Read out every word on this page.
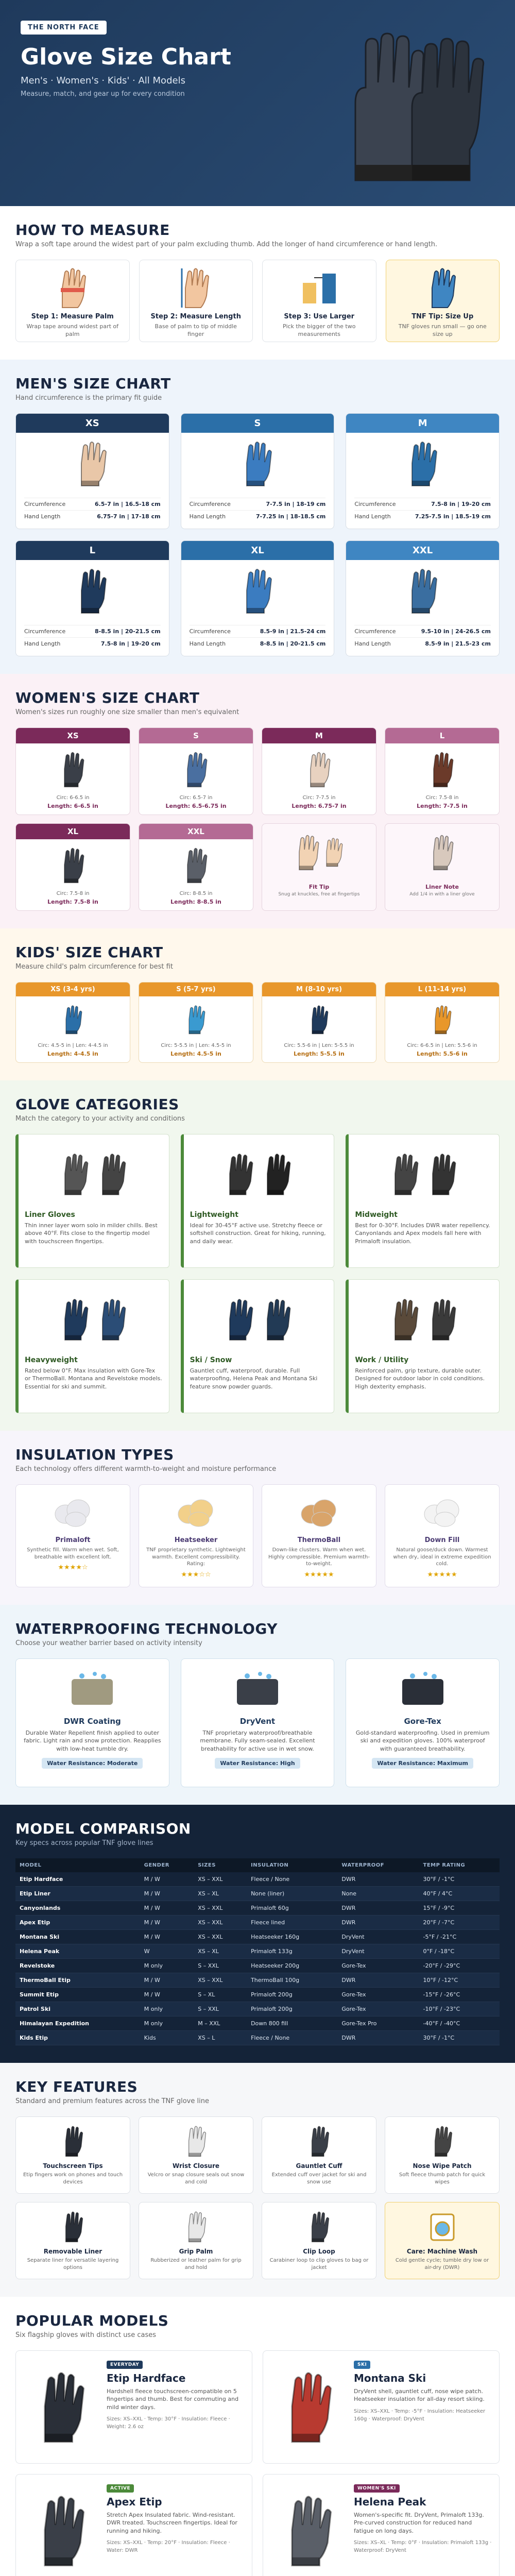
THE NORTH FACE
Glove Size Chart
Men's · Women's · Kids' · All Models
Measure, match, and gear up for every condition
HOW TO MEASURE
Wrap a soft tape around the widest part of your palm excluding thumb. Add the longer of hand circumference or hand length.
Step 1: Measure Palm
Wrap tape around widest part of palm
Step 2: Measure Length
Base of palm to tip of middle finger
Step 3: Use Larger
Pick the bigger of the two measurements
TNF Tip: Size Up
TNF gloves run small — go one size up
MEN'S SIZE CHART
Hand circumference is the primary fit guide
XS
Circumference	6.5-7 in | 16.5-18 cm
Hand Length	6.75-7 in | 17-18 cm
S
Circumference	7-7.5 in | 18-19 cm
Hand Length	7-7.25 in | 18-18.5 cm
M
Circumference	7.5-8 in | 19-20 cm
Hand Length	7.25-7.5 in | 18.5-19 cm
L
Circumference	8-8.5 in | 20-21.5 cm
Hand Length	7.5-8 in | 19-20 cm
XL
Circumference	8.5-9 in | 21.5-24 cm
Hand Length	8-8.5 in | 20-21.5 cm
XXL
Circumference	9.5-10 in | 24-26.5 cm
Hand Length	8.5-9 in | 21.5-23 cm
WOMEN'S SIZE CHART
Women's sizes run roughly one size smaller than men's equivalent
XS
Circ: 6-6.5 in
Length: 6-6.5 in
S
Circ: 6.5-7 in
Length: 6.5-6.75 in
M
Circ: 7-7.5 in
Length: 6.75-7 in
L
Circ: 7.5-8 in
Length: 7-7.5 in
XL
Circ: 7.5-8 in
Length: 7.5-8 in
XXL
Circ: 8-8.5 in
Length: 8-8.5 in
Fit Tip
Snug at knuckles, free at fingertips
Liner Note
Add 1/4 in with a liner glove
KIDS' SIZE CHART
Measure child's palm circumference for best fit
XS (3-4 yrs)
Circ: 4.5-5 in | Len: 4-4.5 in
Length: 4-4.5 in
S (5-7 yrs)
Circ: 5-5.5 in | Len: 4.5-5 in
Length: 4.5-5 in
M (8-10 yrs)
Circ: 5.5-6 in | Len: 5-5.5 in
Length: 5-5.5 in
L (11-14 yrs)
Circ: 6-6.5 in | Len: 5.5-6 in
Length: 5.5-6 in
GLOVE CATEGORIES
Match the category to your activity and conditions
Liner Gloves
Thin inner layer worn solo in milder chills. Best above 40°F. Fits close to the fingertip model with touchscreen fingertips.
Lightweight
Ideal for 30-45°F active use. Stretchy fleece or softshell construction. Great for hiking, running, and daily wear.
Midweight
Best for 0-30°F. Includes DWR water repellency. Canyonlands and Apex models fall here with Primaloft insulation.
Heavyweight
Rated below 0°F. Max insulation with Gore-Tex or ThermoBall. Montana and Revelstoke models. Essential for ski and summit.
Ski / Snow
Gauntlet cuff, waterproof, durable. Full waterproofing, Helena Peak and Montana Ski feature snow powder guards.
Work / Utility
Reinforced palm, grip texture, durable outer. Designed for outdoor labor in cold conditions. High dexterity emphasis.
INSULATION TYPES
Each technology offers different warmth-to-weight and moisture performance
Primaloft
Synthetic fill. Warm when wet. Soft, breathable with excellent loft.
★★★★☆
Heatseeker
TNF proprietary synthetic. Lightweight warmth. Excellent compressibility. Rating:
★★★☆☆
ThermoBall
Down-like clusters. Warm when wet. Highly compressible. Premium warmth-to-weight.
★★★★★
Down Fill
Natural goose/duck down. Warmest when dry, ideal in extreme expedition cold.
★★★★★
WATERPROOFING TECHNOLOGY
Choose your weather barrier based on activity intensity
DWR Coating
Durable Water Repellent finish applied to outer fabric. Light rain and snow protection. Reapplies with low-heat tumble dry.
Water Resistance: Moderate
DryVent
TNF proprietary waterproof/breathable membrane. Fully seam-sealed. Excellent breathability for active use in wet snow.
Water Resistance: High
Gore-Tex
Gold-standard waterproofing. Used in premium ski and expedition gloves. 100% waterproof with guaranteed breathability.
Water Resistance: Maximum
MODEL COMPARISON
Key specs across popular TNF glove lines
MODEL	GENDER	SIZES	INSULATION	WATERPROOF	TEMP RATING
Etip Hardface	M / W	XS – XXL	Fleece / None	DWR	30°F / -1°C
Etip Liner	M / W	XS – XL	None (liner)	None	40°F / 4°C
Canyonlands	M / W	XS – XXL	Primaloft 60g	DWR	15°F / -9°C
Apex Etip	M / W	XS – XXL	Fleece lined	DWR	20°F / -7°C
Montana Ski	M / W	XS – XXL	Heatseeker 160g	DryVent	-5°F / -21°C
Helena Peak	W	XS – XL	Primaloft 133g	DryVent	0°F / -18°C
Revelstoke	M only	S – XXL	Heatseeker 200g	Gore-Tex	-20°F / -29°C
ThermoBall Etip	M / W	XS – XXL	ThermoBall 100g	DWR	10°F / -12°C
Summit Etip	M / W	S – XL	Primaloft 200g	Gore-Tex	-15°F / -26°C
Patrol Ski	M only	S – XXL	Primaloft 200g	Gore-Tex	-10°F / -23°C
Himalayan Expedition	M only	M – XXL	Down 800 fill	Gore-Tex Pro	-40°F / -40°C
Kids Etip	Kids	XS – L	Fleece / None	DWR	30°F / -1°C
KEY FEATURES
Standard and premium features across the TNF glove line
Touchscreen Tips
Etip fingers work on phones and touch devices
Wrist Closure
Velcro or snap closure seals out snow and cold
Gauntlet Cuff
Extended cuff over jacket for ski and snow use
Nose Wipe Patch
Soft fleece thumb patch for quick wipes
Removable Liner
Separate liner for versatile layering options
Grip Palm
Rubberized or leather palm for grip and hold
Clip Loop
Carabiner loop to clip gloves to bag or jacket
Care: Machine Wash
Cold gentle cycle; tumble dry low or air-dry (DWR)
POPULAR MODELS
Six flagship gloves with distinct use cases
EVERYDAY
Etip Hardface
Hardshell fleece touchscreen-compatible on 5 fingertips and thumb. Best for commuting and mild winter days.
Sizes: XS–XXL · Temp: 30°F · Insulation: Fleece · Weight: 2.6 oz
SKI
Montana Ski
DryVent shell, gauntlet cuff, nose wipe patch. Heatseeker insulation for all-day resort skiing.
Sizes: XS–XXL · Temp: -5°F · Insulation: Heatseeker 160g · Waterproof: DryVent
ACTIVE
Apex Etip
Stretch Apex Insulated fabric. Wind-resistant. DWR treated. Touchscreen fingertips. Ideal for running and hiking.
Sizes: XS–XXL · Temp: 20°F · Insulation: Fleece · Water: DWR
WOMEN'S SKI
Helena Peak
Women's-specific fit. DryVent, Primaloft 133g. Pre-curved construction for reduced hand fatigue on long days.
Sizes: XS–XL · Temp: 0°F · Insulation: Primaloft 133g · Waterproof: DryVent
